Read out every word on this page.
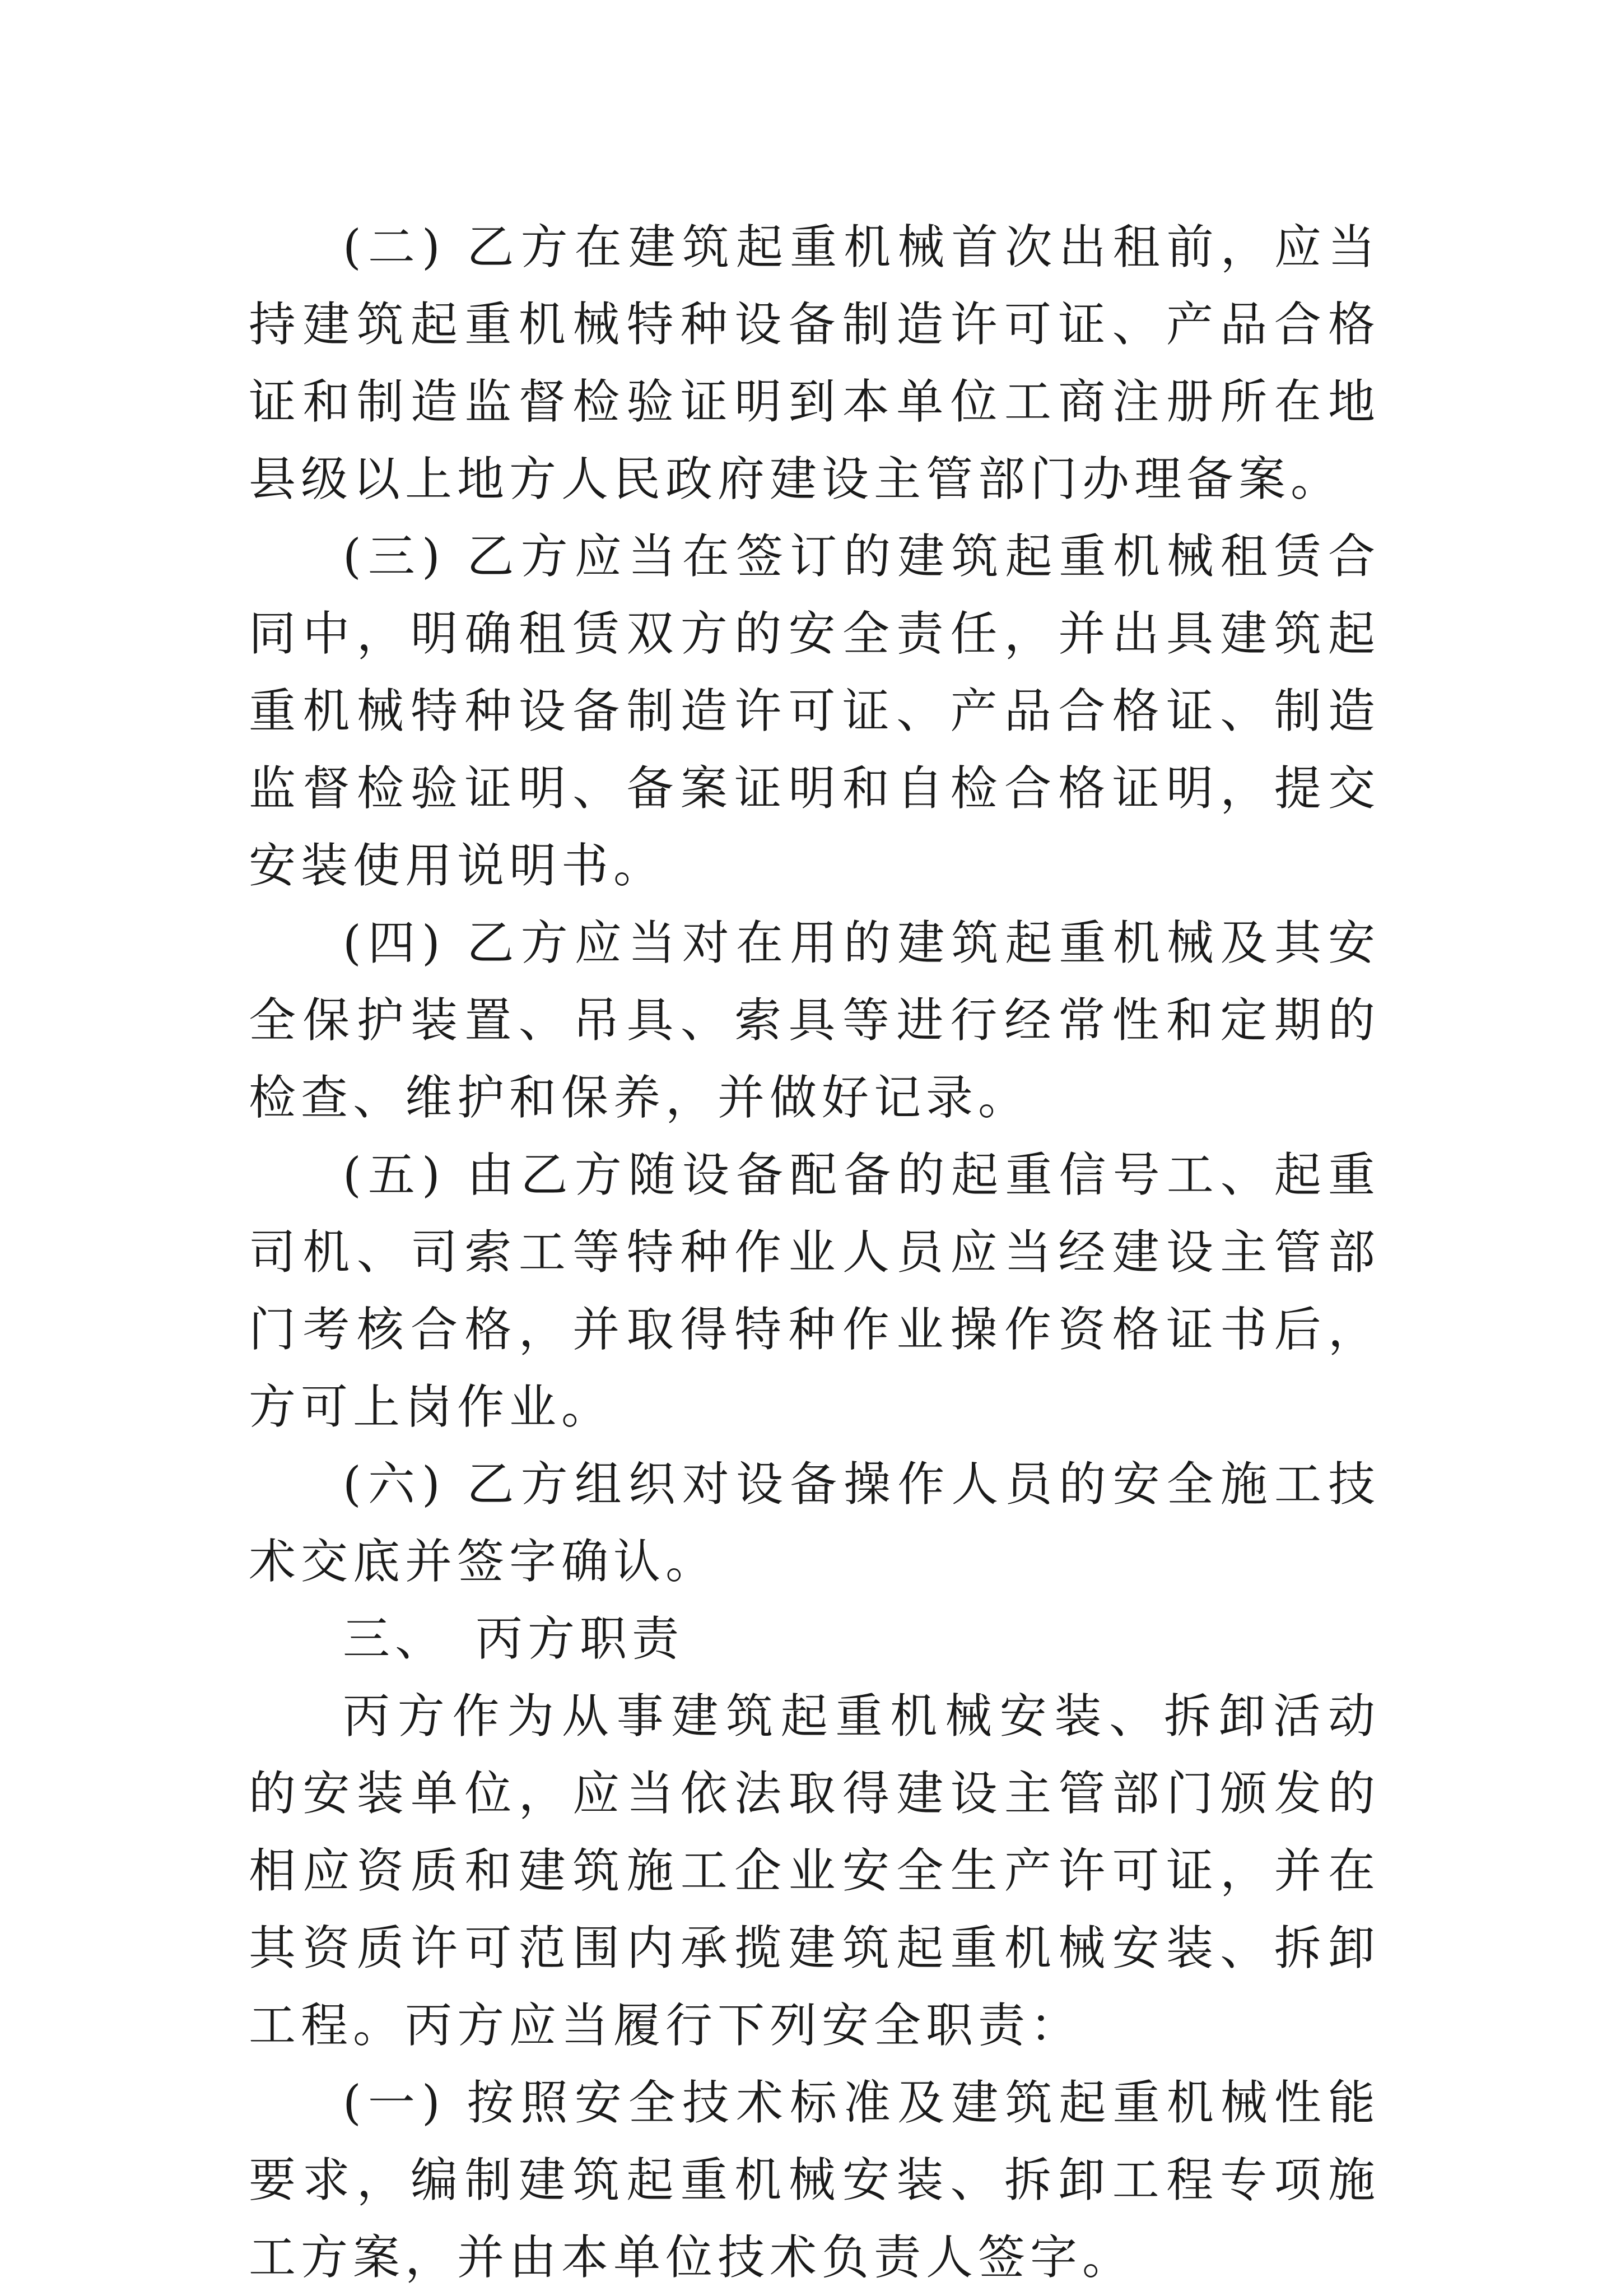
(二) 乙方在建筑起重机械首次出租前，应当持建筑起重机械特种设备制造许可证、产品合格证和制造监督检验证明到本单位工商注册所在地县级以上地方人民政府建设主管部门办理备案。

(三) 乙方应当在签订的建筑起重机械租赁合同中，明确租赁双方的安全责任，并出具建筑起重机械特种设备制造许可证、产品合格证、制造监督检验证明、备案证明和自检合格证明，提交安装使用说明书。

(四) 乙方应当对在用的建筑起重机械及其安全保护装置、吊具、索具等进行经常性和定期的检查、维护和保养，并做好记录。

(五) 由乙方随设备配备的起重信号工、起重司机、司索工等特种作业人员应当经建设主管部门考核合格，并取得特种作业操作资格证书后，方可上岗作业。

(六) 乙方组织对设备操作人员的安全施工技术交底并签字确认。

三、　丙方职责

丙方作为从事建筑起重机械安装、拆卸活动的安装单位，应当依法取得建设主管部门颁发的相应资质和建筑施工企业安全生产许可证，并在其资质许可范围内承揽建筑起重机械安装、拆卸工程。丙方应当履行下列安全职责：

(一) 按照安全技术标准及建筑起重机械性能要求，编制建筑起重机械安装、拆卸工程专项施工方案，并由本单位技术负责人签字。
